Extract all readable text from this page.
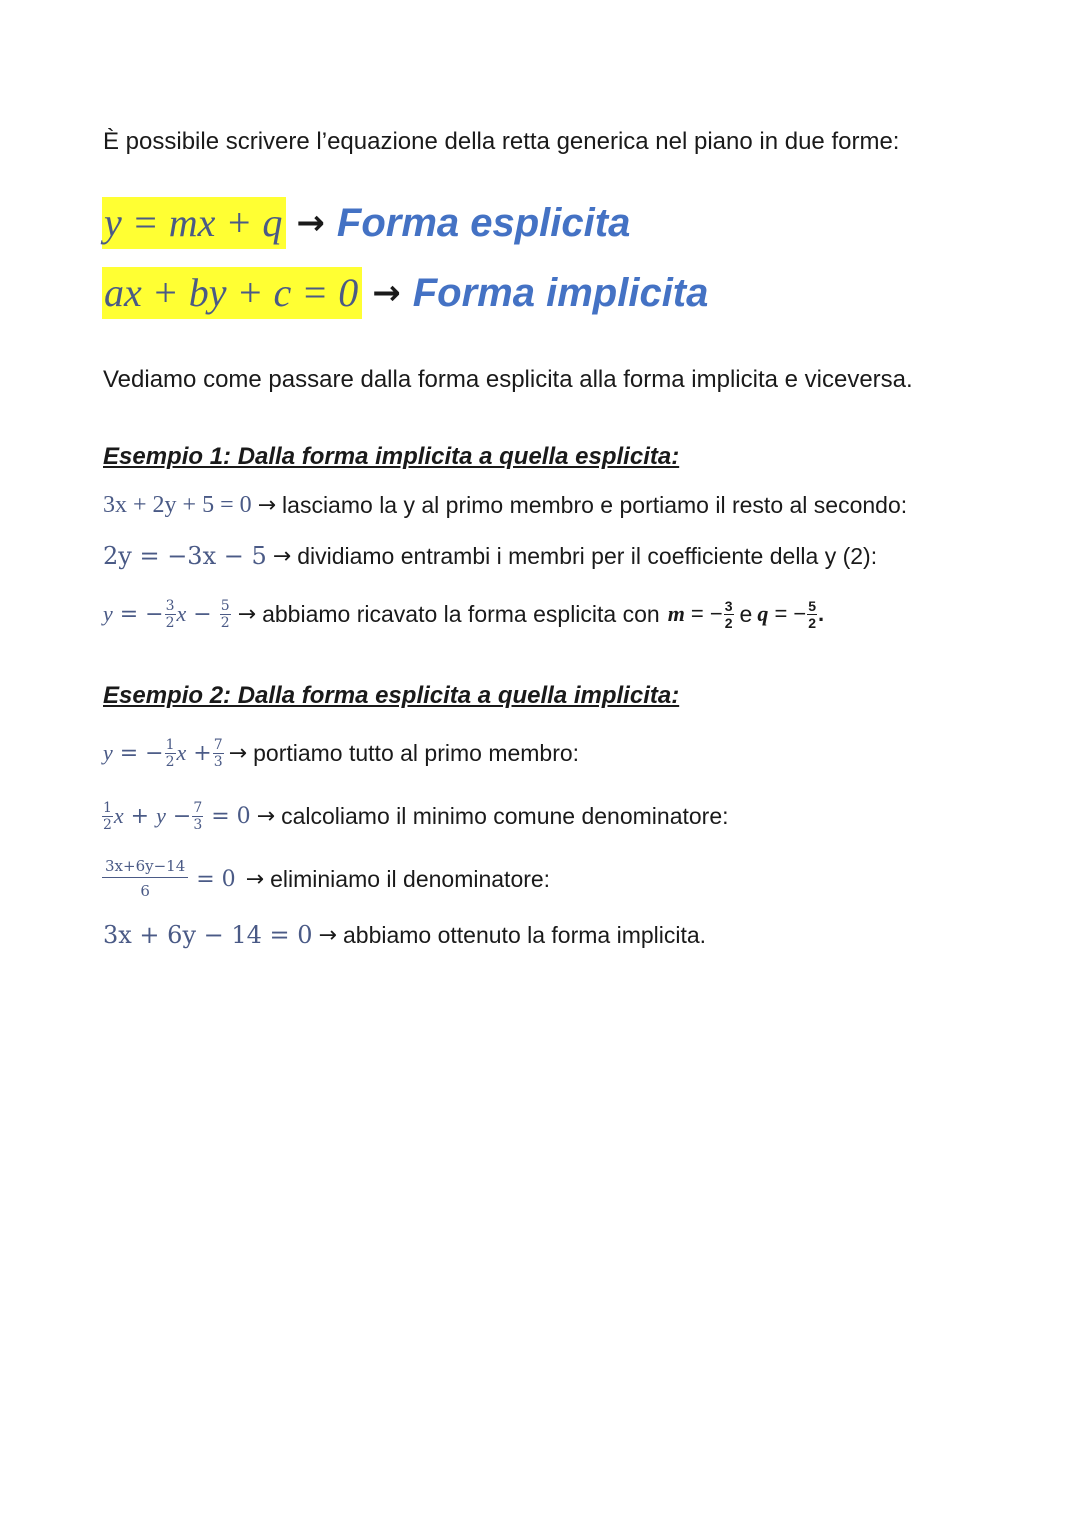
È possibile scrivere l’equazione della retta generica nel piano in due forme:
y = mx + q → Forma esplicita
ax + by + c = 0 → Forma implicita
Vediamo come passare dalla forma esplicita alla forma implicita e viceversa.
Esempio 1: Dalla forma implicita a quella esplicita:
3x + 2y + 5 = 0 → lasciamo la y al primo membro e portiamo il resto al secondo:
2y = −3x − 5 → dividiamo entrambi i membri per il coefficiente della y (2):
y = − $\frac{3}{2}$ $x - \frac{5}{2}$ → abbiamo ricavato la forma esplicita con m = − $\frac{3}{2}$ e q = − $\frac{5}{2}$ .
Esempio 2: Dalla forma esplicita a quella implicita:
y = − $\frac{1}{2}$ $x + \frac{7}{3}$ → portiamo tutto al primo membro:
$\frac{1}{2}$ $x + y - \frac{7}{3} = 0$ → calcoliamo il minimo comune denominatore:
$\frac{3x+6y-14}{6} = 0$ → eliminiamo il denominatore:
3x + 6y − 14 = 0 → abbiamo ottenuto la forma implicita.
